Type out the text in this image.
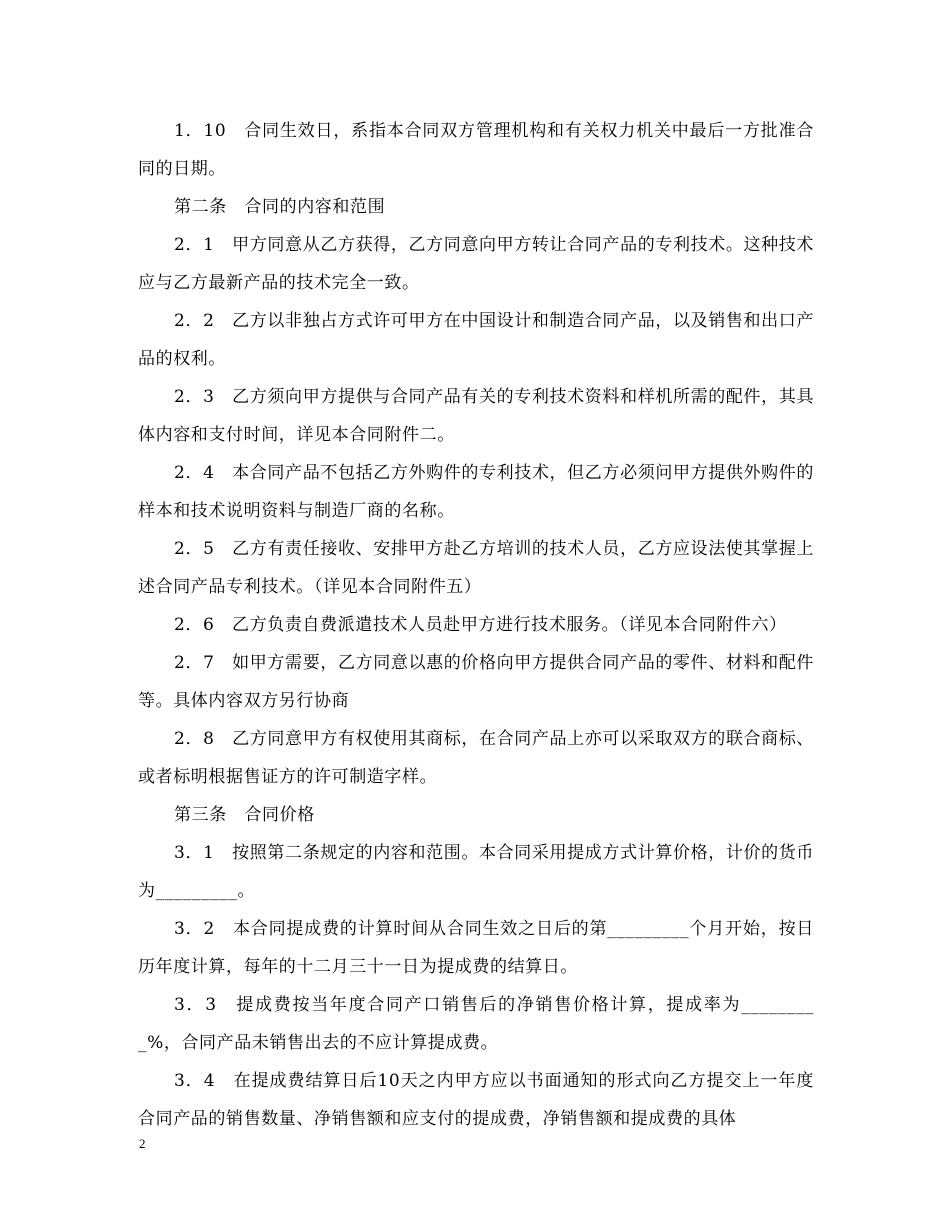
1．10　合同生效日，系指本合同双方管理机构和有关权力机关中最后一方批准合同的日期。

第二条　合同的内容和范围

2．1　甲方同意从乙方获得，乙方同意向甲方转让合同产品的专利技术。这种技术应与乙方最新产品的技术完全一致。

2．2　乙方以非独占方式许可甲方在中国设计和制造合同产品，以及销售和出口产品的权利。

2．3　乙方须向甲方提供与合同产品有关的专利技术资料和样机所需的配件，其具体内容和支付时间，详见本合同附件二。

2．4　本合同产品不包括乙方外购件的专利技术，但乙方必须问甲方提供外购件的样本和技术说明资料与制造厂商的名称。

2．5　乙方有责任接收、安排甲方赴乙方培训的技术人员，乙方应设法使其掌握上述合同产品专利技术。（详见本合同附件五）

2．6　乙方负责自费派遣技术人员赴甲方进行技术服务。（详见本合同附件六）

2．7　如甲方需要，乙方同意以惠的价格向甲方提供合同产品的零件、材料和配件等。具体内容双方另行协商

2．8　乙方同意甲方有权使用其商标，在合同产品上亦可以采取双方的联合商标、或者标明根据售证方的许可制造字样。

第三条　合同价格

3．1　按照第二条规定的内容和范围。本合同采用提成方式计算价格，计价的货币为_________。

3．2　本合同提成费的计算时间从合同生效之日后的第_________个月开始，按日历年度计算，每年的十二月三十一日为提成费的结算日。

3．3　提成费按当年度合同产口销售后的净销售价格计算，提成率为_________%，合同产品未销售出去的不应计算提成费。

3．4　在提成费结算日后10天之内甲方应以书面通知的形式向乙方提交上一年度合同产品的销售数量、净销售额和应支付的提成费，净销售额和提成费的具体

2
